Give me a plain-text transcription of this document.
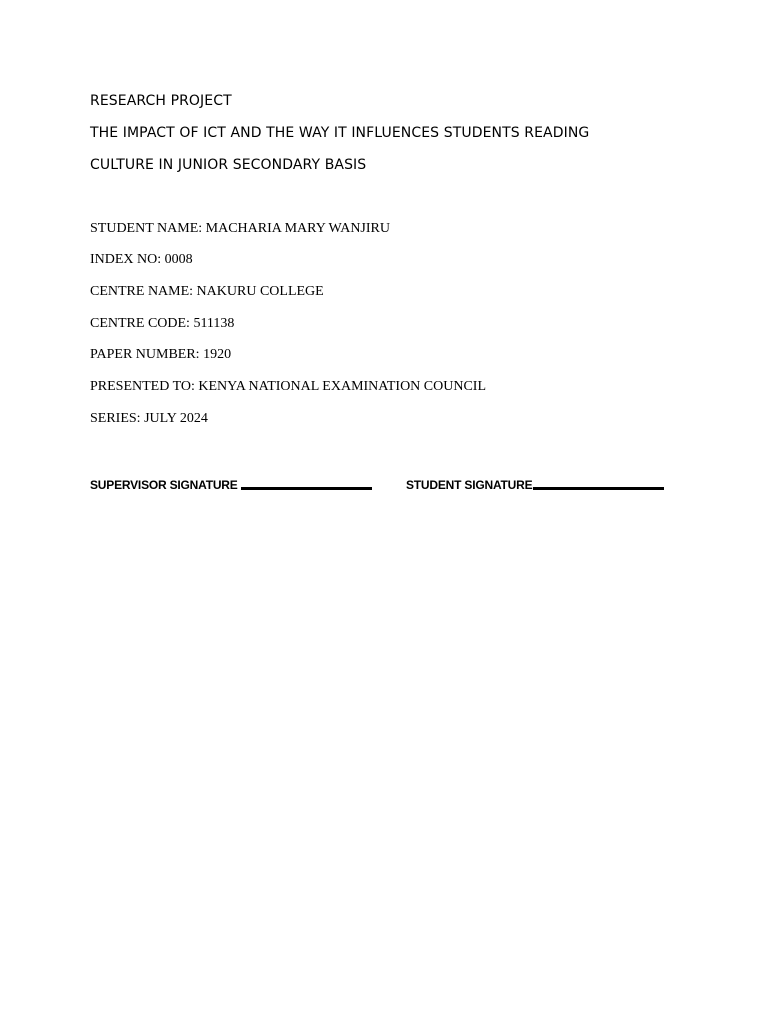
RESEARCH PROJECT
THE IMPACT OF ICT AND THE WAY IT INFLUENCES STUDENTS READING
CULTURE IN JUNIOR SECONDARY BASIS
STUDENT NAME: MACHARIA MARY WANJIRU
INDEX NO: 0008
CENTRE NAME: NAKURU COLLEGE
CENTRE CODE: 511138
PAPER NUMBER: 1920
PRESENTED TO: KENYA NATIONAL EXAMINATION COUNCIL
SERIES: JULY 2024
SUPERVISOR SIGNATURE	STUDENT SIGNATURE
